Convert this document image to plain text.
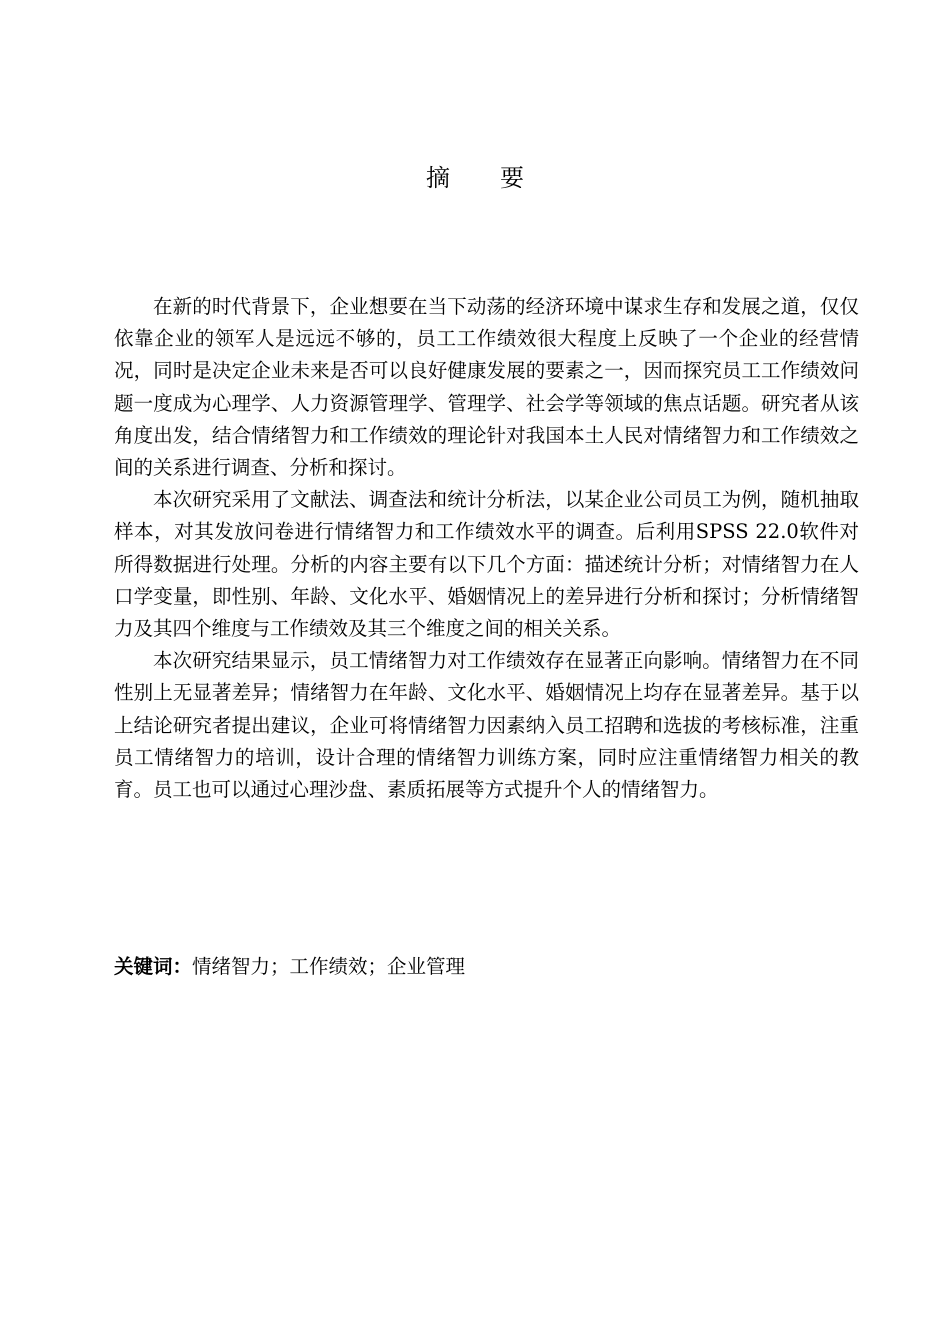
摘 要

在新的时代背景下，企业想要在当下动荡的经济环境中谋求生存和发展之道，仅仅依靠企业的领军人是远远不够的，员工工作绩效很大程度上反映了一个企业的经营情况，同时是决定企业未来是否可以良好健康发展的要素之一，因而探究员工工作绩效问题一度成为心理学、人力资源管理学、管理学、社会学等领域的焦点话题。研究者从该角度出发，结合情绪智力和工作绩效的理论针对我国本土人民对情绪智力和工作绩效之间的关系进行调查、分析和探讨。

本次研究采用了文献法、调查法和统计分析法，以某企业公司员工为例，随机抽取样本，对其发放问卷进行情绪智力和工作绩效水平的调查。后利用SPSS 22.0软件对所得数据进行处理。分析的内容主要有以下几个方面：描述统计分析；对情绪智力在人口学变量，即性别、年龄、文化水平、婚姻情况上的差异进行分析和探讨；分析情绪智力及其四个维度与工作绩效及其三个维度之间的相关关系。

本次研究结果显示，员工情绪智力对工作绩效存在显著正向影响。情绪智力在不同性别上无显著差异；情绪智力在年龄、文化水平、婚姻情况上均存在显著差异。基于以上结论研究者提出建议，企业可将情绪智力因素纳入员工招聘和选拔的考核标准，注重员工情绪智力的培训，设计合理的情绪智力训练方案，同时应注重情绪智力相关的教育。员工也可以通过心理沙盘、素质拓展等方式提升个人的情绪智力。

关键词：情绪智力；工作绩效；企业管理
